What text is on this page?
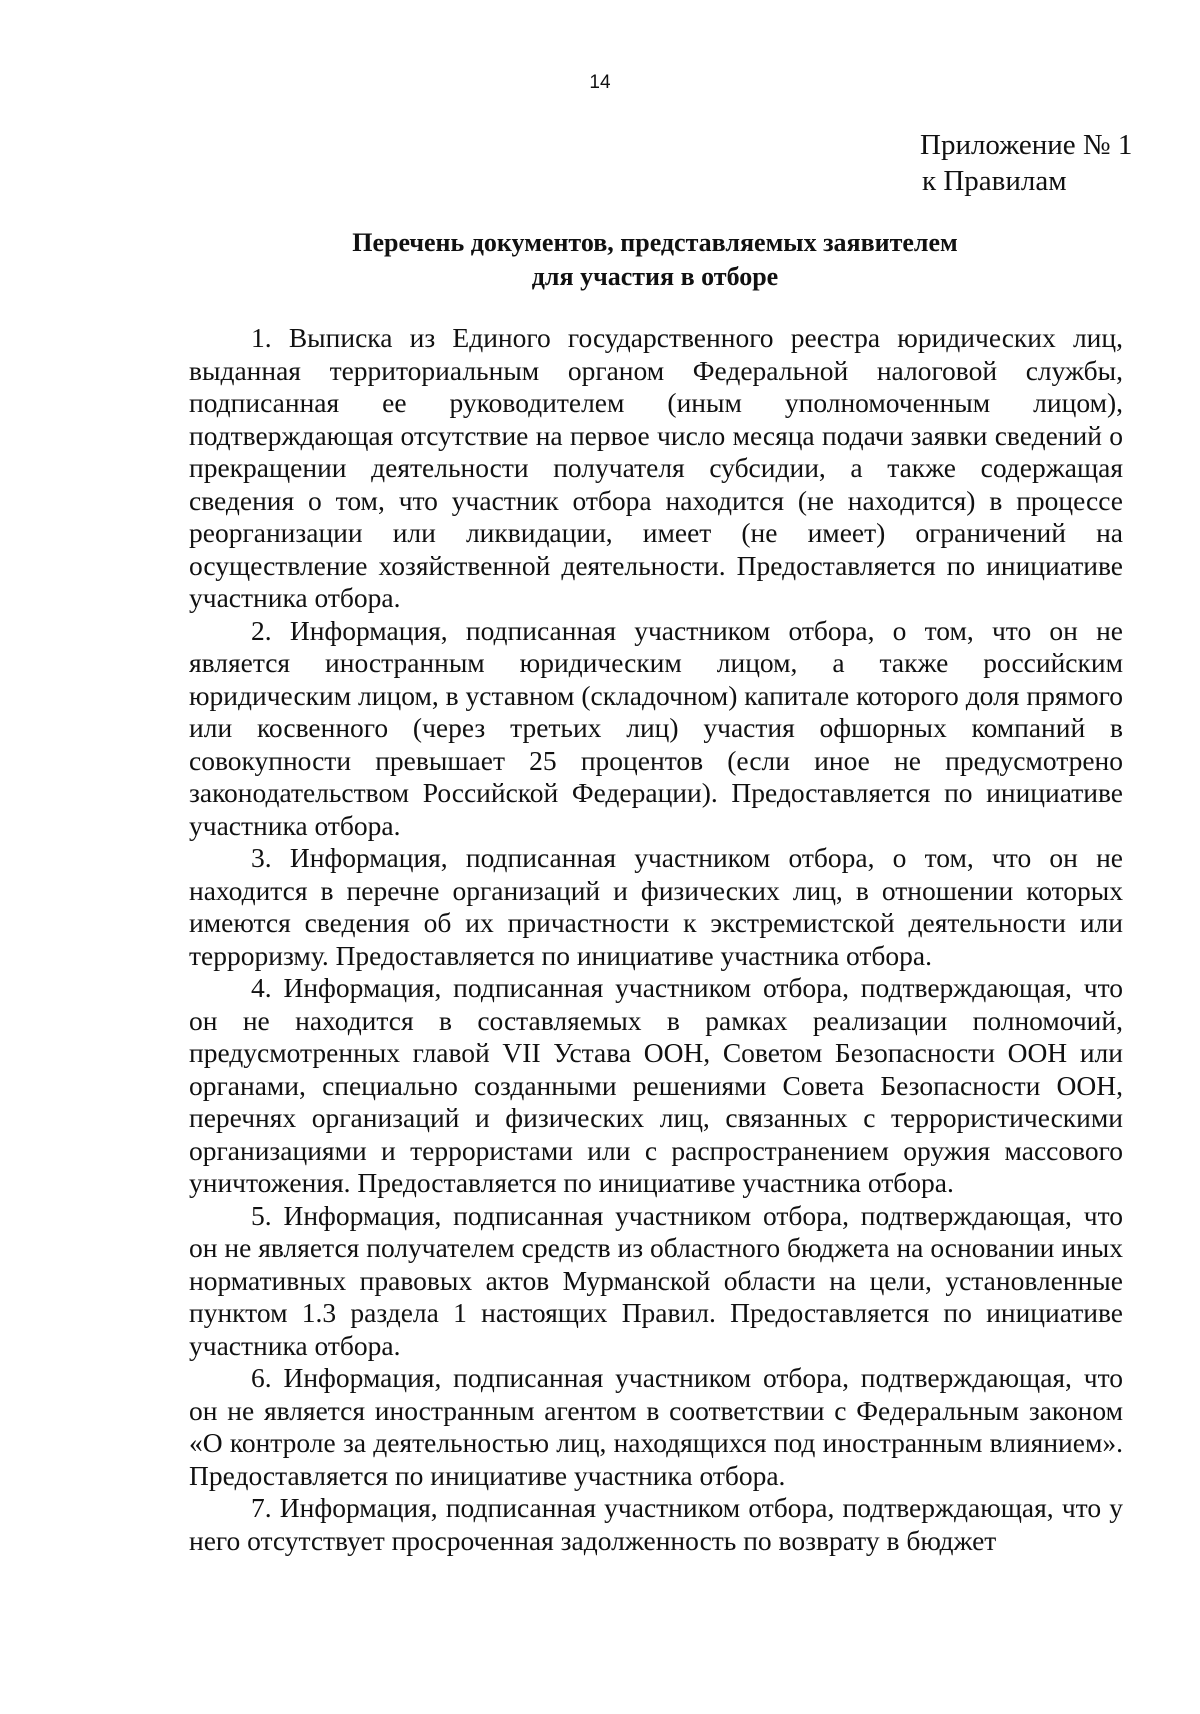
14
Приложение № 1
к Правилам
Перечень документов, представляемых заявителем
для участия в отборе

1. Выписка из Единого государственного реестра юридических лиц, выданная территориальным органом Федеральной налоговой службы, подписанная ее руководителем (иным уполномоченным лицом), подтверждающая отсутствие на первое число месяца подачи заявки сведений о прекращении деятельности получателя субсидии, а также содержащая сведения о том, что участник отбора находится (не находится) в процессе реорганизации или ликвидации, имеет (не имеет) ограничений на осуществление хозяйственной деятельности. Предоставляется по инициативе участника отбора.

2. Информация, подписанная участником отбора, о том, что он не является иностранным юридическим лицом, а также российским юридическим лицом, в уставном (складочном) капитале которого доля прямого или косвенного (через третьих лиц) участия офшорных компаний в совокупности превышает 25 процентов (если иное не предусмотрено законодательством Российской Федерации). Предоставляется по инициативе участника отбора.

3. Информация, подписанная участником отбора, о том, что он не находится в перечне организаций и физических лиц, в отношении которых имеются сведения об их причастности к экстремистской деятельности или терроризму. Предоставляется по инициативе участника отбора.

4. Информация, подписанная участником отбора, подтверждающая, что он не находится в составляемых в рамках реализации полномочий, предусмотренных главой VII Устава ООН, Советом Безопасности ООН или органами, специально созданными решениями Совета Безопасности ООН, перечнях организаций и физических лиц, связанных с террористическими организациями и террористами или с распространением оружия массового уничтожения. Предоставляется по инициативе участника отбора.

5. Информация, подписанная участником отбора, подтверждающая, что он не является получателем средств из областного бюджета на основании иных нормативных правовых актов Мурманской области на цели, установленные пунктом 1.3 раздела 1 настоящих Правил. Предоставляется по инициативе участника отбора.

6. Информация, подписанная участником отбора, подтверждающая, что он не является иностранным агентом в соответствии с Федеральным законом «О контроле за деятельностью лиц, находящихся под иностранным влиянием». Предоставляется по инициативе участника отбора.

7. Информация, подписанная участником отбора, подтверждающая, что у него отсутствует просроченная задолженность по возврату в бюджет
